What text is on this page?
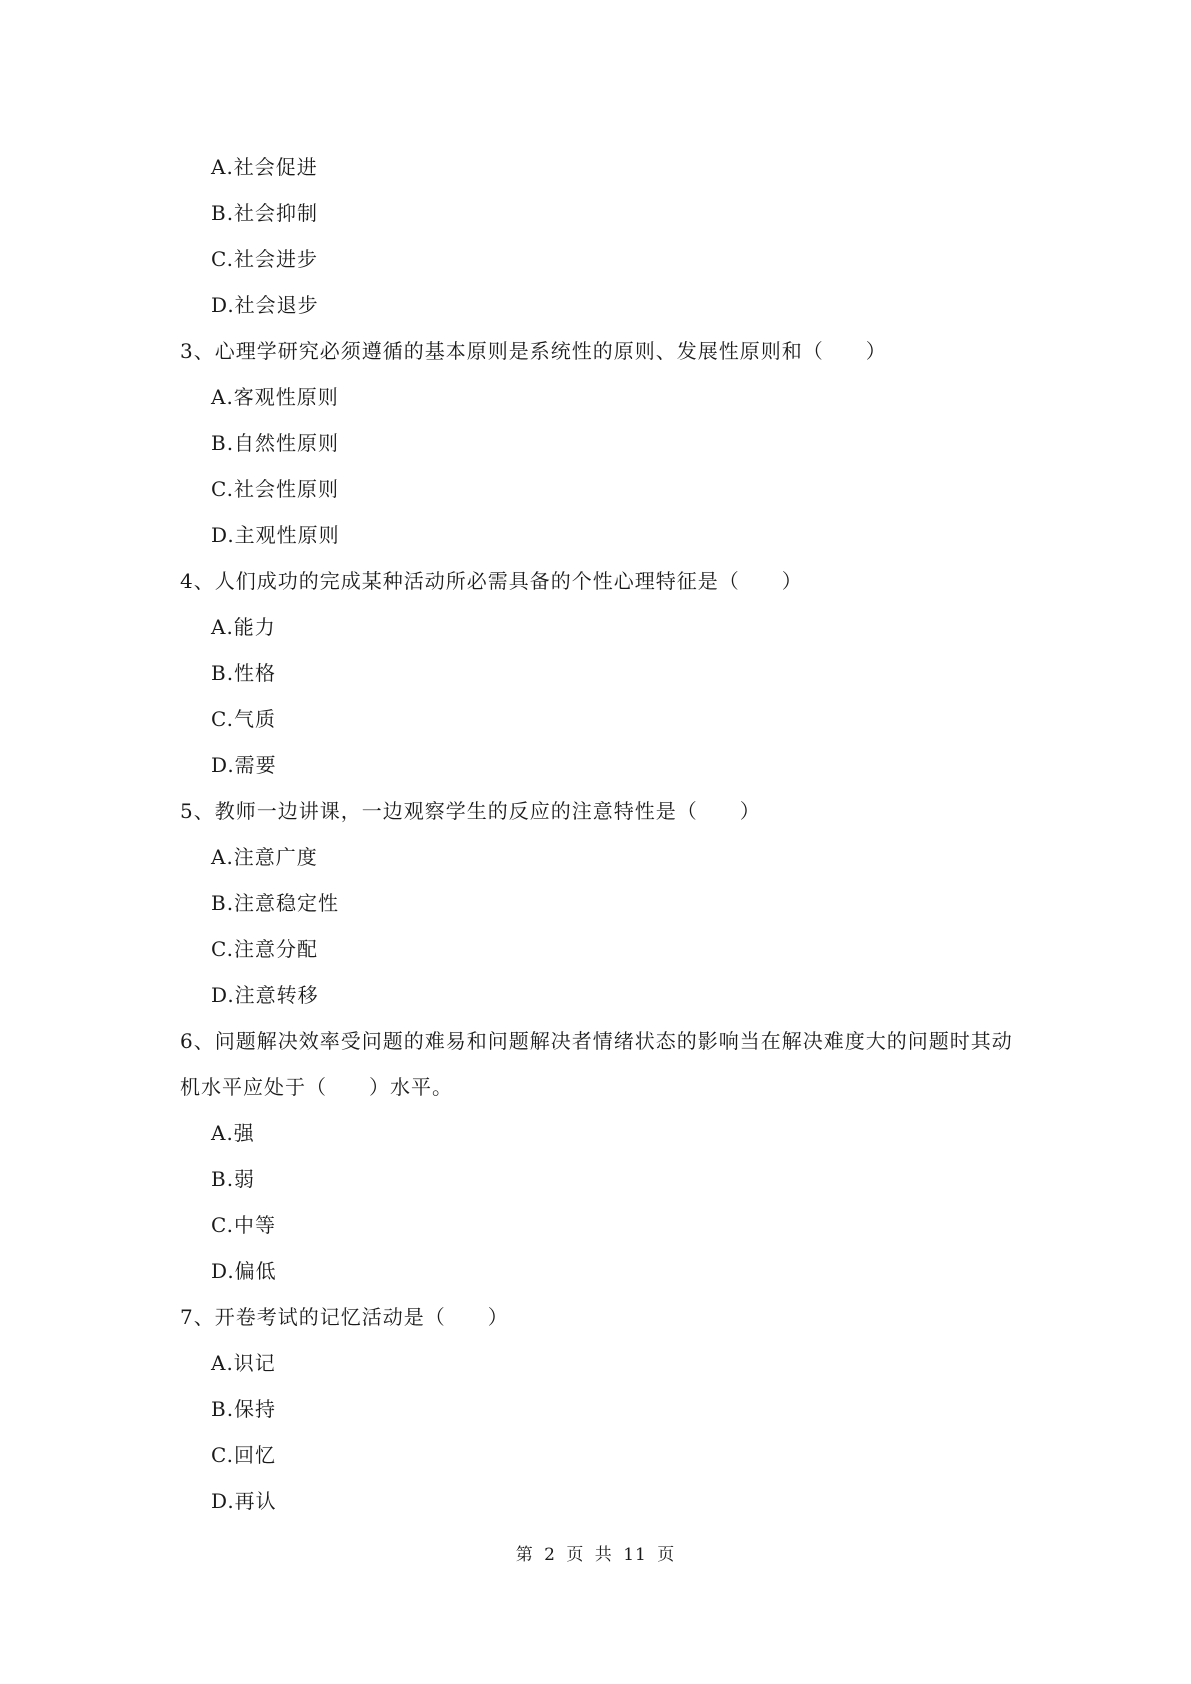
A.社会促进
B.社会抑制
C.社会进步
D.社会退步
3、心理学研究必须遵循的基本原则是系统性的原则、发展性原则和（　　）
A.客观性原则
B.自然性原则
C.社会性原则
D.主观性原则
4、人们成功的完成某种活动所必需具备的个性心理特征是（　　）
A.能力
B.性格
C.气质
D.需要
5、教师一边讲课，一边观察学生的反应的注意特性是（　　）
A.注意广度
B.注意稳定性
C.注意分配
D.注意转移
6、问题解决效率受问题的难易和问题解决者情绪状态的影响当在解决难度大的问题时其动
机水平应处于（　　）水平。
A.强
B.弱
C.中等
D.偏低
7、开卷考试的记忆活动是（　　）
A.识记
B.保持
C.回忆
D.再认
第 2 页 共 11 页
